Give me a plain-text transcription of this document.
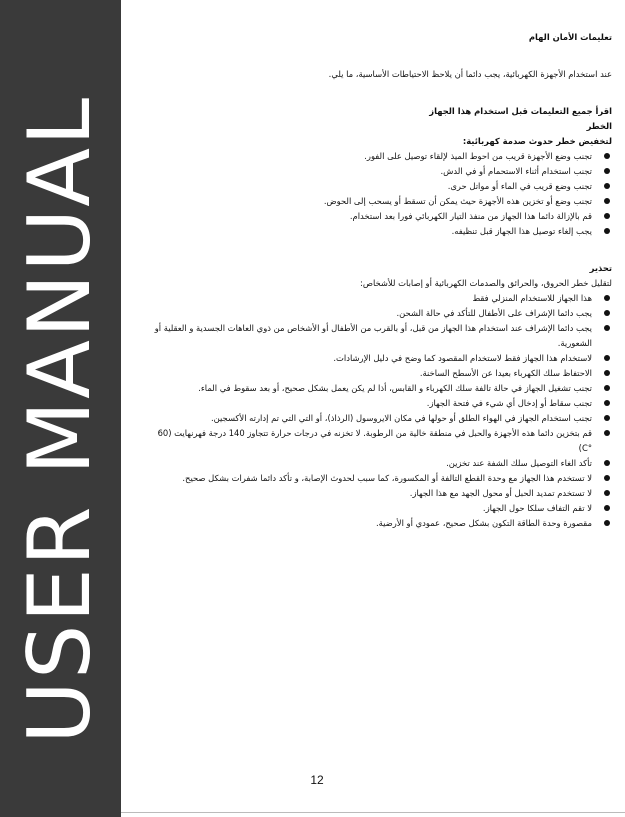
USER MANUAL

تعليمات الأمان الهام

عند استخدام الأجهزة الكهربائية، يجب دائما أن يلاحظ الاحتياطات الأساسية، ما يلي.

اقرأ جميع التعليمات قبل استخدام هذا الجهاز

الخطر

لتخفيض خطر حدوث صدمة كهربائية:

تجنب وضع الأجهزة قريب من احوط الميذ لإلقاء توصيل على الفور.
تجنب استخدام أثناء الاستحمام أو في الدش.
تجنب وضع قريب في الماء أو مواتل حرى.
تجنب وضع أو تخزين هذه الأجهزة حيث يمكن أن تسقط أو يسحب إلى الحوض.
قم بالإزالة دائما هذا الجهاز من منفذ التيار الكهربائي فورا بعد استخدام.
يجب إلغاء توصيل هذا الجهاز قبل تنظيفه.

تحذير

لتقليل خطر الحروق، والحرائق والصدمات الكهربائية أو إصابات للأشخاص:

هذا الجهاز للاستخدام المنزلي فقط
يجب دائما الإشراف على الأطفال للتأكد في حالة الشحن.
يجب دائما الإشراف عند استخدام هذا الجهاز من قبل، أو بالقرب من الأطفال أو الأشخاص من ذوي العاهات الجسدية و العقلية أو الشعورية.
لاستخدام هذا الجهاز فقط لاستخدام المقصود كما وضح في دليل الإرشادات.
الاحتفاظ سلك الكهرباء بعيدا عن الأسطح الساخنة.
تجنب تشغيل الجهاز في حالة تالفة سلك الكهرباء و القابس، أذا لم يكن يعمل بشكل صحيح، أو بعد سقوط في الماء.
تجنب سقاط أو إدخال أي شيء في فتحة الجهاز.
تجنب استخدام الجهاز في الهواء الطلق أو حولها في مكان الايروسول (الرذاذ)، أو التي التي تم إدارته الأكسجين.
قم بتخزين دائما هذه الأجهزة والحبل في منطقة خالية من الرطوبة. لا تخزنه في درجات حرارة تتجاوز 140 درجة فهرنهايت (60 °C)
تأكد الغاء التوصيل سلك الشفة عند تخزين.
لا تستخدم هذا الجهاز مع وحدة القطع التالفة أو المكسورة، كما سبب لحدوث الإصابة، و تأكد دائما شفرات بشكل صحيح.
لا تستخدم تمديد الحبل أو محول الجهد مع هذا الجهاز.
لا تقم التفاف سلكا حول الجهاز.
مقصورة وحدة الطاقة التكون بشكل صحيح، عمودي أو الأرضية.
12
